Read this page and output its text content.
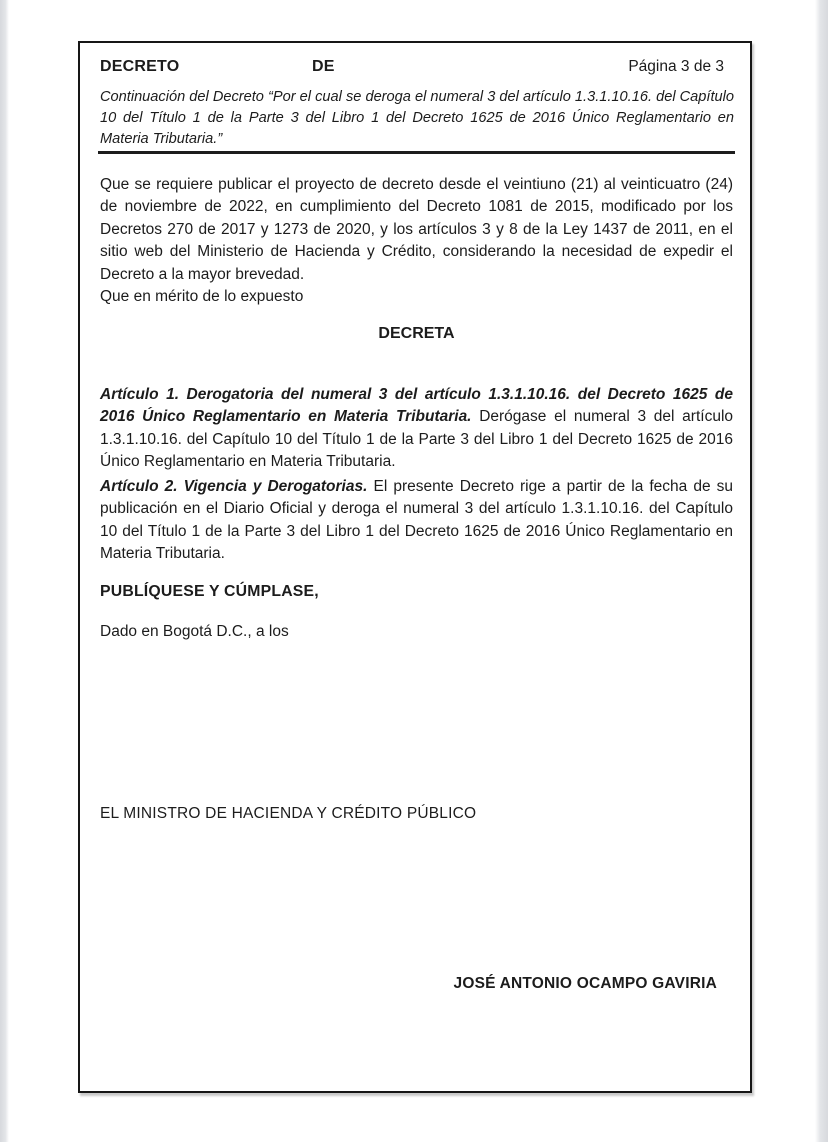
DECRETO	DE	Página 3 de 3
Continuación del Decreto “Por el cual se deroga el numeral 3 del artículo 1.3.1.10.16. del Capítulo 10 del Título 1 de la Parte 3 del Libro 1 del Decreto 1625 de 2016 Único Reglamentario en Materia Tributaria.”
Que se requiere publicar el proyecto de decreto desde el veintiuno (21) al veinticuatro (24) de noviembre de 2022, en cumplimiento del Decreto 1081 de 2015, modificado por los Decretos 270 de 2017 y 1273 de 2020, y los artículos 3 y 8 de la Ley 1437 de 2011, en el sitio web del Ministerio de Hacienda y Crédito, considerando la necesidad de expedir el Decreto a la mayor brevedad.
Que en mérito de lo expuesto
DECRETA
Artículo 1. Derogatoria del numeral 3 del artículo 1.3.1.10.16. del Decreto 1625 de 2016 Único Reglamentario en Materia Tributaria. Derógase el numeral 3 del artículo 1.3.1.10.16. del Capítulo 10 del Título 1 de la Parte 3 del Libro 1 del Decreto 1625 de 2016 Único Reglamentario en Materia Tributaria.
Artículo 2. Vigencia y Derogatorias. El presente Decreto rige a partir de la fecha de su publicación en el Diario Oficial y deroga el numeral 3 del artículo 1.3.1.10.16. del Capítulo 10 del Título 1 de la Parte 3 del Libro 1 del Decreto 1625 de 2016 Único Reglamentario en Materia Tributaria.
PUBLÍQUESE Y CÚMPLASE,
Dado en Bogotá D.C., a los
EL MINISTRO DE HACIENDA Y CRÉDITO PÚBLICO
JOSÉ ANTONIO OCAMPO GAVIRIA
